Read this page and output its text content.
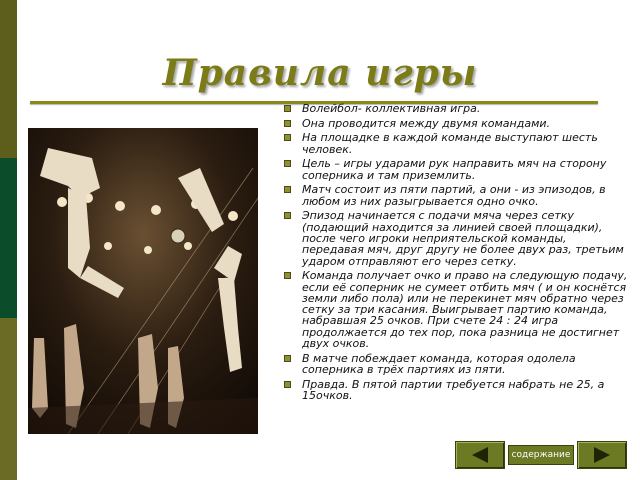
Правила игры
Волейбол- коллективная игра.
Она проводится между двумя командами.
На площадке в каждой команде выступают шесть человек.
Цель – игры ударами рук направить мяч на сторону соперника и там приземлить.
Матч состоит из пяти партий, а они - из эпизодов, в любом из них разыгрывается одно очко.
Эпизод начинается с подачи мяча через сетку (подающий находится за линией своей площадки), после чего игроки неприятельской команды, передавая мяч, друг другу не более двух раз, третьим ударом отправляют его через сетку.
Команда получает очко и право на следующую подачу, если её соперник не сумеет отбить мяч ( и он коснётся земли либо пола) или не перекинет мяч обратно через сетку за три касания. Выигрывает партию команда, набравшая 25 очков. При счете 24 : 24 игра продолжается до тех пор, пока разница не достигнет двух очков.
В матче побеждает команда, которая одолела соперника в трёх партиях из пяти.
Правда. В пятой партии требуется набрать не 25, а 15очков.
содержание
